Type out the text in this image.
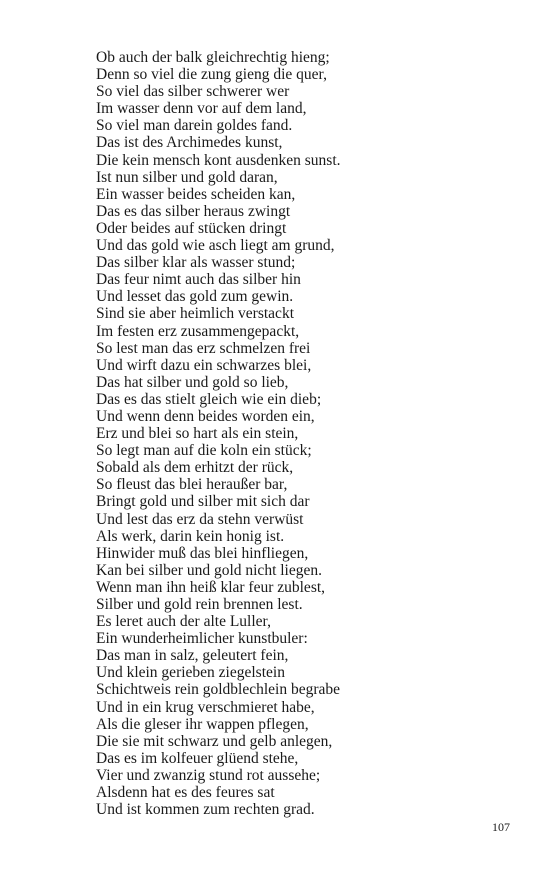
Ob auch der balk gleichrechtig hieng;
Denn so viel die zung gieng die quer,
So viel das silber schwerer wer
Im wasser denn vor auf dem land,
So viel man darein goldes fand.
Das ist des Archimedes kunst,
Die kein mensch kont ausdenken sunst.
Ist nun silber und gold daran,
Ein wasser beides scheiden kan,
Das es das silber heraus zwingt
Oder beides auf stücken dringt
Und das gold wie asch liegt am grund,
Das silber klar als wasser stund;
Das feur nimt auch das silber hin
Und lesset das gold zum gewin.
Sind sie aber heimlich verstackt
Im festen erz zusammengepackt,
So lest man das erz schmelzen frei
Und wirft dazu ein schwarzes blei,
Das hat silber und gold so lieb,
Das es das stielt gleich wie ein dieb;
Und wenn denn beides worden ein,
Erz und blei so hart als ein stein,
So legt man auf die koln ein stück;
Sobald als dem erhitzt der rück,
So fleust das blei heraußer bar,
Bringt gold und silber mit sich dar
Und lest das erz da stehn verwüst
Als werk, darin kein honig ist.
Hinwider muß das blei hinfliegen,
Kan bei silber und gold nicht liegen.
Wenn man ihn heiß klar feur zublest,
Silber und gold rein brennen lest.
Es leret auch der alte Luller,
Ein wunderheimlicher kunstbuler:
Das man in salz, geleutert fein,
Und klein gerieben ziegelstein
Schichtweis rein goldblechlein begrabe
Und in ein krug verschmieret habe,
Als die gleser ihr wappen pflegen,
Die sie mit schwarz und gelb anlegen,
Das es im kolfeuer glüend stehe,
Vier und zwanzig stund rot aussehe;
Alsdenn hat es des feures sat
Und ist kommen zum rechten grad.
107
